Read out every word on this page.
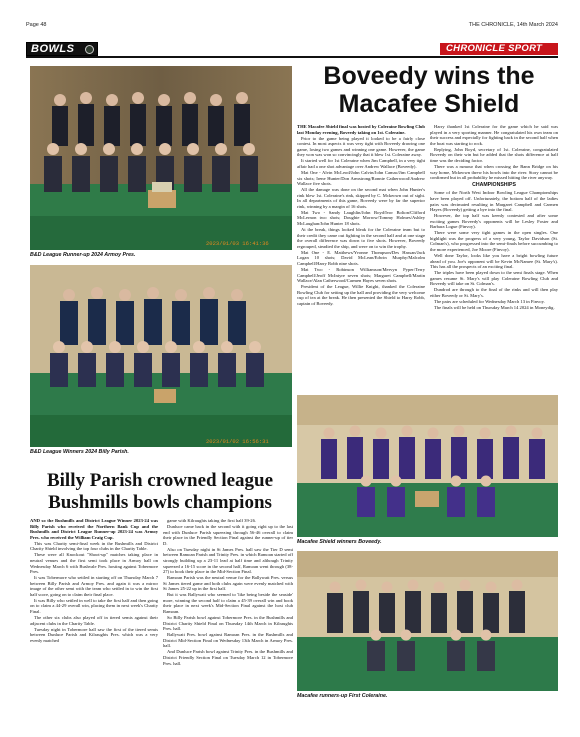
Page 48	THE CHRONICLE, 14th March 2024
BOWLS	CHRONICLE SPORT
2023/01/03 16:41:36
B&D League Runner-up 2024 Armoy Pres.
2023/01/02 16:56:31
B&D League Winners 2024 Billy Parish.
Boveedy wins the Macafee Shield

THE Macafee Shield final was hosted by Coleraine Bowling Club last Monday evening, Boveedy taking on 1st. Coleraine.

Prior to the game being played it looked to be a fairly close contest. In most aspects it was very tight with Boveedy drawing one game, losing two games and winning one game. However, the game they won was won so convincingly that it blew 1st. Coleraine away.

It started well for 1st Coleraine when Jim Campbell, in a very tight affair had a one shot advantage over Andrew Wallace (Boveedy).

Mat One - Alvin McLeod/John Calvin/John Camac/Jim Campbell six shots; Irene Hunter/Don Armstrong/Ronnie Catherwood/Andrew Wallace five shots.

All the damage was done on the second mat when John Hunter's rink blew 1st. Coleraine's rink, skipped by C. Mckeown out of sight. In all departments of this game, Boveedy were by far the superior rink, winning by a margin of 16 shots.

Mat Two - Sandy Laughlin/John Boyd/Ivor Bolton/Clifford McLernon two shots; Doughie Morrow/Tommy Holmes/Ashley McLaughan/John Hunter 18 shots.

At the break, things looked bleak for the Coleraine team but to their credit they came out fighting in the second half and at one stage the overall difference was down to five shots. However, Boveedy regrouped, steadied the ship, and were on to win the trophy.

Mat One - E. Matthews/Yvonne Thompson/Des Hassan/Jack Logan 10 shots; David McLean/Edwin Murphy/Malcolm Campbell/Harry Robb nine shots.

Mat Two - Robinson Williamson/Mervyn Pyper/Terry Campbell/Jeoff McIntyre seven shots; Margaret Campbell/Martin Wallace/Alan Catherwood/Carmen Hayes seven shots.

President of the League, Willie Knight, thanked the Coleraine Bowling Club for setting up the hall and providing the very welcome cup of tea at the break. He then presented the Shield to Harry Robb, captain of Boveedy.

Harry thanked 1st Coleraine for the game which he said was played in a very sporting manner. He congratulated his own team on their success and especially for fighting back in the second half when the boat was starting to rock.

Replying, John Boyd, secretary of 1st. Coleraine, congratulated Boveedy on their win but he added that the shots difference at half time was the deciding factor.

There was a rumour that when crossing the Bann Bridge on his way home, Mckeown threw his bowls into the river. Story cannot be confirmed but in all probability he missed hitting the river anyway.

CHAMPIONSHIPS

Some of the North West Indoor Bowling League Championships have been played off. Unfortunately, the bottom half of the ladies pairs was decimated resulting in Margaret Campbell and Carmen Hayes (Boveedy) getting a bye into the final.

However, the top half was keenly contested and after some exciting games Boveedy's opponents will be Lesley Foster and Barbara Logue (Finvoy).

There were some very tight games in the open singles. One highlight was the progress of a very young, Taylor Davidson (St. Colman's), who progressed into the semi-finals before succumbing to the more experienced, Joe Moore (Finvoy).

Well done Taylor, looks like you have a bright bowling future ahead of you. Joe's opponent will be Kevin McNamee (St. Mary's). This has all the prospects of an exciting final.

The triples have been played down to the semi finals stage. When games resume St. Mary's will play Coleraine Bowling Club and Boveedy will take on St. Colman's.

Dundrod are through to the final of the rinks and will then play either Boveedy or St. Mary's.

The pairs are scheduled for Wednesday March 13 in Finvoy.

The finals will be held on Thursday March 14 2024 in Moneydig.

Macafee Shield winners Boveedy.
Macafee runners-up First Coleraine.
Billy Parish crowned league Bushmills bowls champions

AND so the Bushmills and District League Winner 2023-24 was Billy Parish who received the Northern Bank Cup and the Bushmills and District League Runner-up 2023-24 was Armoy Pres. who received the William Craig Cup.

This was Charity semi-final week in the Bushmills and District Charity Shield involving the top four clubs in the Charity Table.

These were all Knockout "Shoot-up" matches taking place in neutral venues and the first semi took place in Armoy hall on Wednesday March 6 with Bushvale Pres. hosting against Tobermore Pres.

It was Tobermore who settled in starting off on Thursday March 7 between Billy Parish and Armoy Pres. and again it was a mirror image of the other semi with the team who settled in to win the first half score, going on to claim their final place.

It was Billy who settled in well to take the first half and then going on to claim a 44-29 overall win, placing them in next week's Charity Final.

The other six clubs also played off in tiered semis against their adjacent clubs in the Charity Table.

Tuesday night in Tobermore hall saw the first of the tiered semis between Dunluce Parish and Kilraughts Pres. which was a very evenly matched

game with Kilraughts taking the first half 39-26.

Dunluce came back in the second with it going right up to the last end with Dunluce Parish squeezing through 56-46 overall to claim their place in the Friendly Section Final against the runner-up of tier D.

Also on Tuesday night in St James Pres. hall saw the Tier D semi between Ramoan Parish and Trinity Pres. in which Ramoan started off strongly building up a 23-11 lead at half time and although Trinity squeezed a 16-15 score in the second half, Ramoan went through (38-27) to book their place in the Mid-Section Final.

Ramoan Parish was the neutral venue for the Ballywatt Pres. versus St James tiered game and both clubs again were evenly matched with St James 25-22 up in the first half.

But it was Ballywatt who seemed to 'like being beside the seaside' more, winning the second half to claim a 45-39 overall win and book their place in next week's Mid-Section Final against the host club Ramoan.

So Billy Parish bowl against Tobermore Pres. in the Bushmills and District Charity Shield Final on Thursday 14th March in Kilraughts Pres. hall.

Ballywatt Pres. bowl against Ramoan Pres. in the Bushmills and District Mid-Section Final on Wednesday 13th March in Armoy Pres. hall.

And Dunluce Parish bowl against Trinity Pres. in the Bushmills and District Friendly Section Final on Tuesday March 12 in Tobermore Pres. hall.
